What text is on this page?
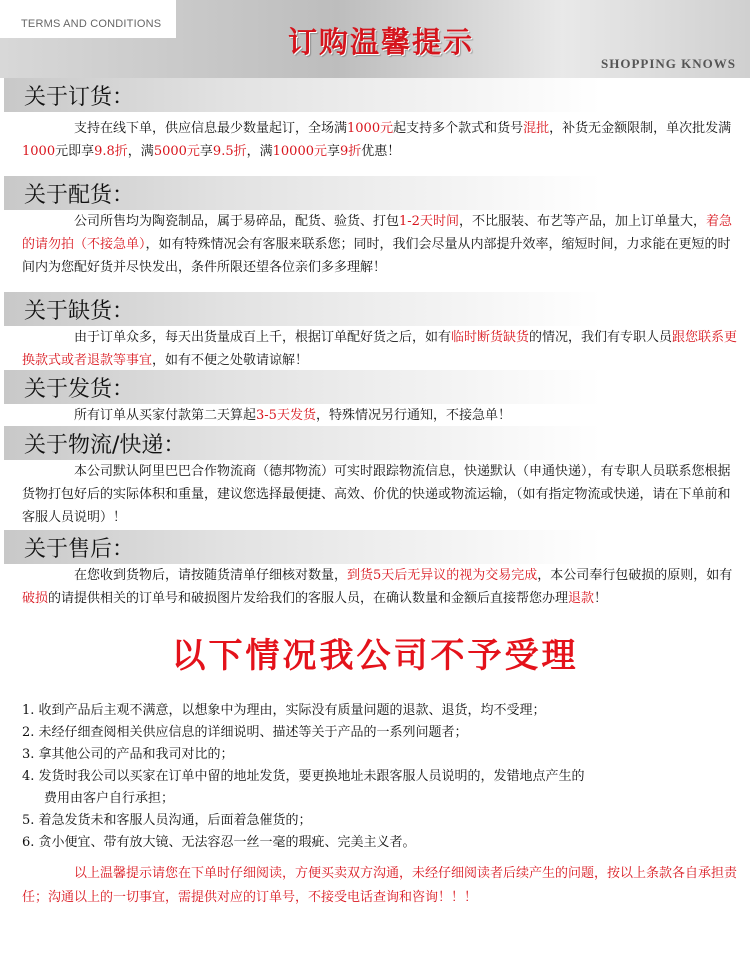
TERMS AND CONDITIONS
订购温馨提示
SHOPPING KNOWS
关于订货：
支持在线下单，供应信息最少数量起订，全场满1000元起支持多个款式和货号混批，补货无金额限制，单次批发满1000元即享9.8折，满5000元享9.5折，满10000元享9折优惠！
关于配货：
公司所售均为陶瓷制品，属于易碎品，配货、验货、打包1-2天时间，不比服装、布艺等产品，加上订单量大，着急的请勿拍（不接急单），如有特殊情况会有客服来联系您；同时，我们会尽量从内部提升效率，缩短时间，力求能在更短的时间内为您配好货并尽快发出，条件所限还望各位亲们多多理解！
关于缺货：
由于订单众多，每天出货量成百上千，根据订单配好货之后，如有临时断货缺货的情况，我们有专职人员跟您联系更换款式或者退款等事宜，如有不便之处敬请谅解！
关于发货：
所有订单从买家付款第二天算起3-5天发货，特殊情况另行通知，不接急单！
关于物流/快递：
本公司默认阿里巴巴合作物流商（德邦物流）可实时跟踪物流信息，快递默认（申通快递），有专职人员联系您根据货物打包好后的实际体积和重量，建议您选择最便捷、高效、价优的快递或物流运输，（如有指定物流或快递，请在下单前和客服人员说明）！
关于售后：
在您收到货物后，请按随货清单仔细核对数量，到货5天后无异议的视为交易完成，本公司奉行包破损的原则，如有破损的请提供相关的订单号和破损图片发给我们的客服人员，在确认数量和金额后直接帮您办理退款！
以下情况我公司不予受理
1. 收到产品后主观不满意，以想象中为理由，实际没有质量问题的退款、退货，均不受理；
2. 未经仔细查阅相关供应信息的详细说明、描述等关于产品的一系列问题者；
3. 拿其他公司的产品和我司对比的；
4. 发货时我公司以买家在订单中留的地址发货，要更换地址未跟客服人员说明的，发错地点产生的
费用由客户自行承担；
5. 着急发货未和客服人员沟通，后面着急催货的；
6. 贪小便宜、带有放大镜、无法容忍一丝一毫的瑕疵、完美主义者。
以上温馨提示请您在下单时仔细阅读，方便买卖双方沟通，未经仔细阅读者后续产生的问题，按以上条款各自承担责任；沟通以上的一切事宜，需提供对应的订单号，不接受电话查询和咨询！！！
